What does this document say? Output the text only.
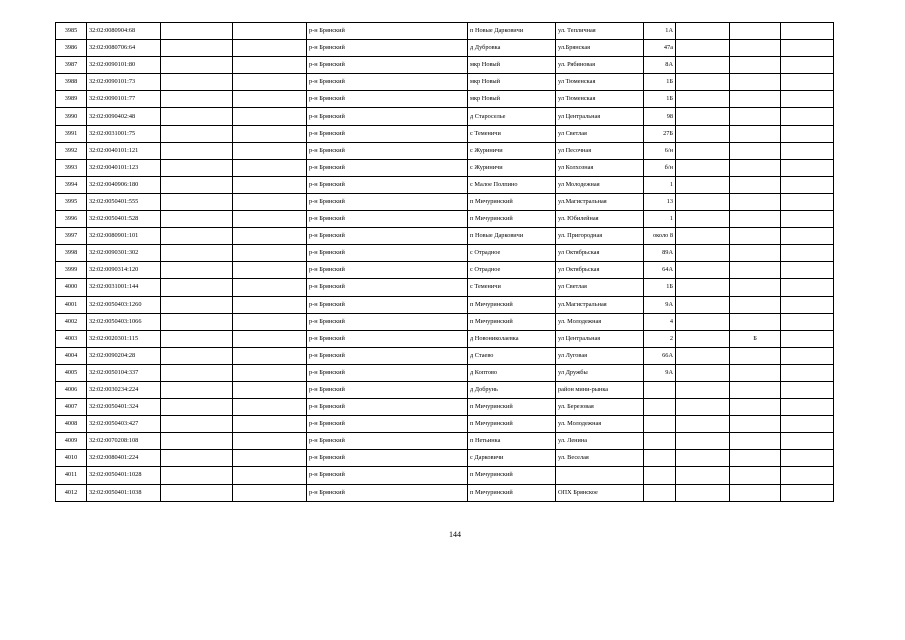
3985	32:02:0080904:68			р-н Брянский	п Новые Дарковичи	ул. Тепличная	1А			
3986	32:02:0080706:64			р-н Брянский	д Дубровка	ул.Брянская	47а			
3987	32:02:0090101:80			р-н Брянский	мкр Новый	ул. Рябиновая	8А			
3988	32:02:0090101:73			р-н Брянский	мкр Новый	ул Тюменская	1Б			
3989	32:02:0090101:77			р-н Брянский	мкр Новый	ул Тюменская	1Б			
3990	32:02:0090402:48			р-н Брянский	д Староселье	ул Центральная	98			
3991	32:02:0031001:75			р-н Брянский	с Теменичи	ул Светлая	27Б			
3992	32:02:0040101:121			р-н Брянский	с Журиничи	ул Песочная	6/н			
3993	32:02:0040101:123			р-н Брянский	с Журиничи	ул Колхозная	б/н			
3994	32:02:0040906:180			р-н Брянский	с Малое Полпино	ул Молодежная	1			
3995	32:02:0050401:555			р-н Брянский	п Мичуринский	ул.Магистральная	13			
3996	32:02:0050401:528			р-н Брянский	п Мичуринский	ул. Юбилейная	1			
3997	32:02:0080901:101			р-н Брянский	п Новые Дарковичи	ул. Пригородная	около 8			
3998	32:02:0090301:302			р-н Брянский	с Отрадное	ул Октябрьская	89А			
3999	32:02:0090314:120			р-н Брянский	с Отрадное	ул Октябрьская	64А			
4000	32:02:0031001:144			р-н Брянский	с Теменичи	ул Светлая	1Б			
4001	32:02:0050403:1260			р-н Брянский	п Мичуринский	ул.Магистральная	9А			
4002	32:02:0050403:1066			р-н Брянский	п Мичуринский	ул. Молодежная	4			
4003	32:02:0020301:115			р-н Брянский	д Новониколаевка	ул Центральная	2		Б	
4004	32:02:0090204:28			р-н Брянский	д Стаево	ул Луговая	66А			
4005	32:02:0050104:337			р-н Брянский	д Коптово	ул Дружбы	9А			
4006	32:02:0030234:224			р-н Брянский	д Добрунь	район мини-рынка				
4007	32:02:0050401:324			р-н Брянский	п Мичуринский	ул. Березовая				
4008	32:02:0050403:427			р-н Брянский	п Мичуринский	ул. Молодежная				
4009	32:02:0070208:108			р-н Брянский	п Нетьинка	ул. Ленина				
4010	32:02:0080401:224			р-н Брянский	с Дарковичи	ул. Веселая				
4011	32:02:0050401:1028			р-н Брянский	п Мичуринский					
4012	32:02:0050401:1038			р-н Брянский	п Мичуринский	ОПХ Брянское				
144
